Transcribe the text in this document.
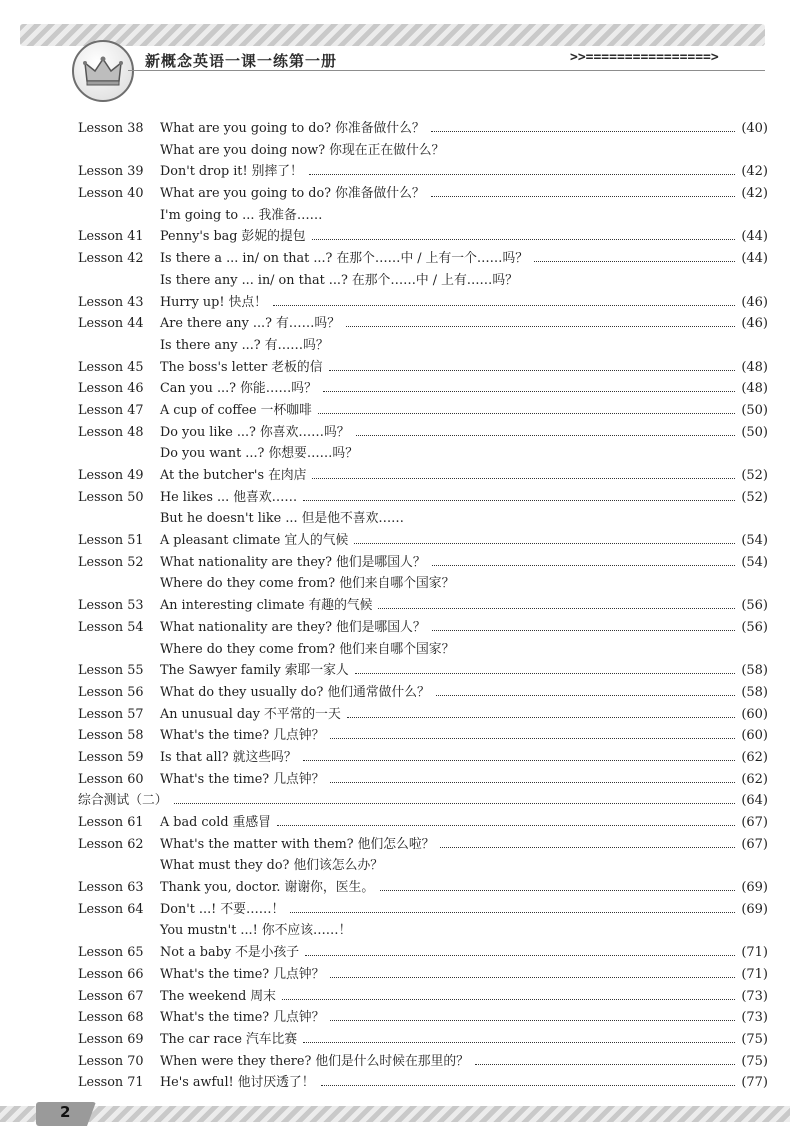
新概念英语一课一练第一册	>>================>
Lesson 38 What are you going to do? 你准备做什么？	(40)
What are you doing now? 你现在正在做什么？
Lesson 39 Don't drop it! 别摔了！	(42)
Lesson 40 What are you going to do? 你准备做什么？	(42)
I'm going to ... 我准备……
Lesson 41 Penny's bag 彭妮的提包	(44)
Lesson 42 Is there a ... in/ on that ...? 在那个……中 / 上有一个……吗？	(44)
Is there any ... in/ on that ...? 在那个……中 / 上有……吗？
Lesson 43 Hurry up! 快点！	(46)
Lesson 44 Are there any ...? 有……吗？	(46)
Is there any ...? 有……吗？
Lesson 45 The boss's letter 老板的信	(48)
Lesson 46 Can you ...? 你能……吗？	(48)
Lesson 47 A cup of coffee 一杯咖啡	(50)
Lesson 48 Do you like ...? 你喜欢……吗？	(50)
Do you want ...? 你想要……吗？
Lesson 49 At the butcher's 在肉店	(52)
Lesson 50 He likes ... 他喜欢……	(52)
But he doesn't like ... 但是他不喜欢……
Lesson 51 A pleasant climate 宜人的气候	(54)
Lesson 52 What nationality are they? 他们是哪国人？	(54)
Where do they come from? 他们来自哪个国家？
Lesson 53 An interesting climate 有趣的气候	(56)
Lesson 54 What nationality are they? 他们是哪国人？	(56)
Where do they come from? 他们来自哪个国家？
Lesson 55 The Sawyer family 索耶一家人	(58)
Lesson 56 What do they usually do? 他们通常做什么？	(58)
Lesson 57 An unusual day 不平常的一天	(60)
Lesson 58 What's the time? 几点钟？	(60)
Lesson 59 Is that all? 就这些吗？	(62)
Lesson 60 What's the time? 几点钟？	(62)
综合测试（二）	(64)
Lesson 61 A bad cold 重感冒	(67)
Lesson 62 What's the matter with them? 他们怎么啦？	(67)
What must they do? 他们该怎么办？
Lesson 63 Thank you, doctor. 谢谢你，医生。	(69)
Lesson 64 Don't ...! 不要……！	(69)
You mustn't ...! 你不应该……！
Lesson 65 Not a baby 不是小孩子	(71)
Lesson 66 What's the time? 几点钟？	(71)
Lesson 67 The weekend 周末	(73)
Lesson 68 What's the time? 几点钟？	(73)
Lesson 69 The car race 汽车比赛	(75)
Lesson 70 When were they there? 他们是什么时候在那里的？	(75)
Lesson 71 He's awful! 他讨厌透了！	(77)
2
